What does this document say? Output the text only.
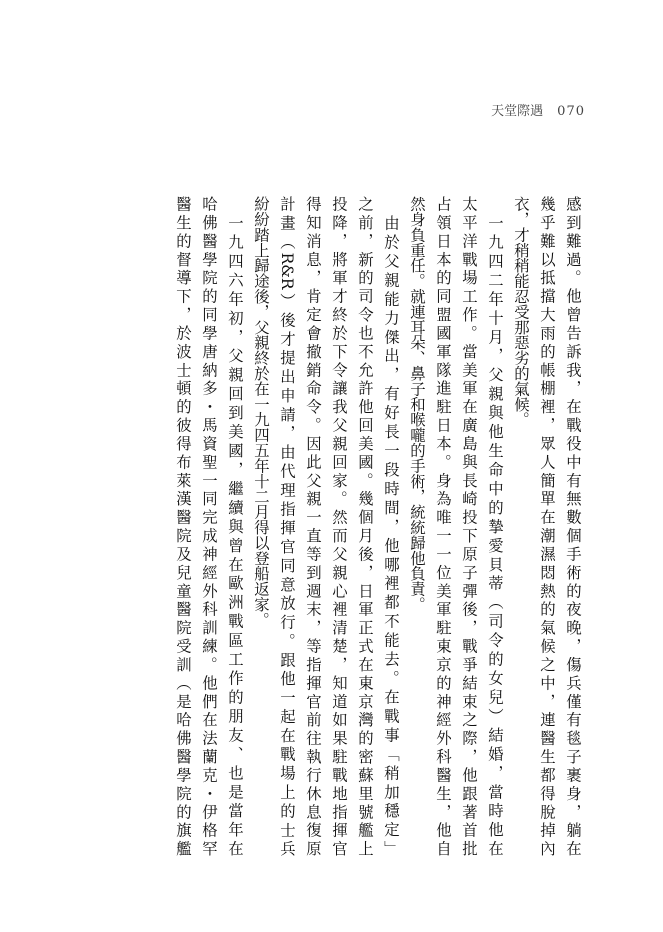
天堂際遇 070
感到難過。他曾告訴我，在戰役中有無數個手術的夜晚，傷兵僅有毯子裹身，躺在
幾乎難以抵擋大雨的帳棚裡，眾人簡單在潮濕悶熱的氣候之中，連醫生都得脫掉內
衣，才稍稍能忍受那惡劣的氣候。
　一九四二年十月，父親與他生命中的摯愛貝蒂（司令的女兒）結婚，當時他在
太平洋戰場工作。當美軍在廣島與長崎投下原子彈後，戰爭結束之際，他跟著首批
占領日本的同盟國軍隊進駐日本。身為唯一一位美軍駐東京的神經外科醫生，他自
然身負重任。就連耳朵、鼻子和喉嚨的手術，統統歸他負責。
　由於父親能力傑出，有好長一段時間，他哪裡都不能去。在戰事「稍加穩定」
之前，新的司令也不允許他回美國。幾個月後，日軍正式在東京灣的密蘇里號艦上
投降，將軍才終於下令讓我父親回家。然而父親心裡清楚，知道如果駐戰地指揮官
得知消息，肯定會撤銷命令。因此父親一直等到週末，等指揮官前往執行休息復原
計畫（R&R）後才提出申請，由代理指揮官同意放行。跟他一起在戰場上的士兵
紛紛踏上歸途後，父親終於在一九四五年十二月得以登船返家。
　一九四六年初，父親回到美國，繼續與曾在歐洲戰區工作的朋友、也是當年在
哈佛醫學院的同學唐納多・馬資聖一同完成神經外科訓練。他們在法蘭克・伊格罕
醫生的督導下，於波士頓的彼得布萊漢醫院及兒童醫院受訓（是哈佛醫學院的旗艦
